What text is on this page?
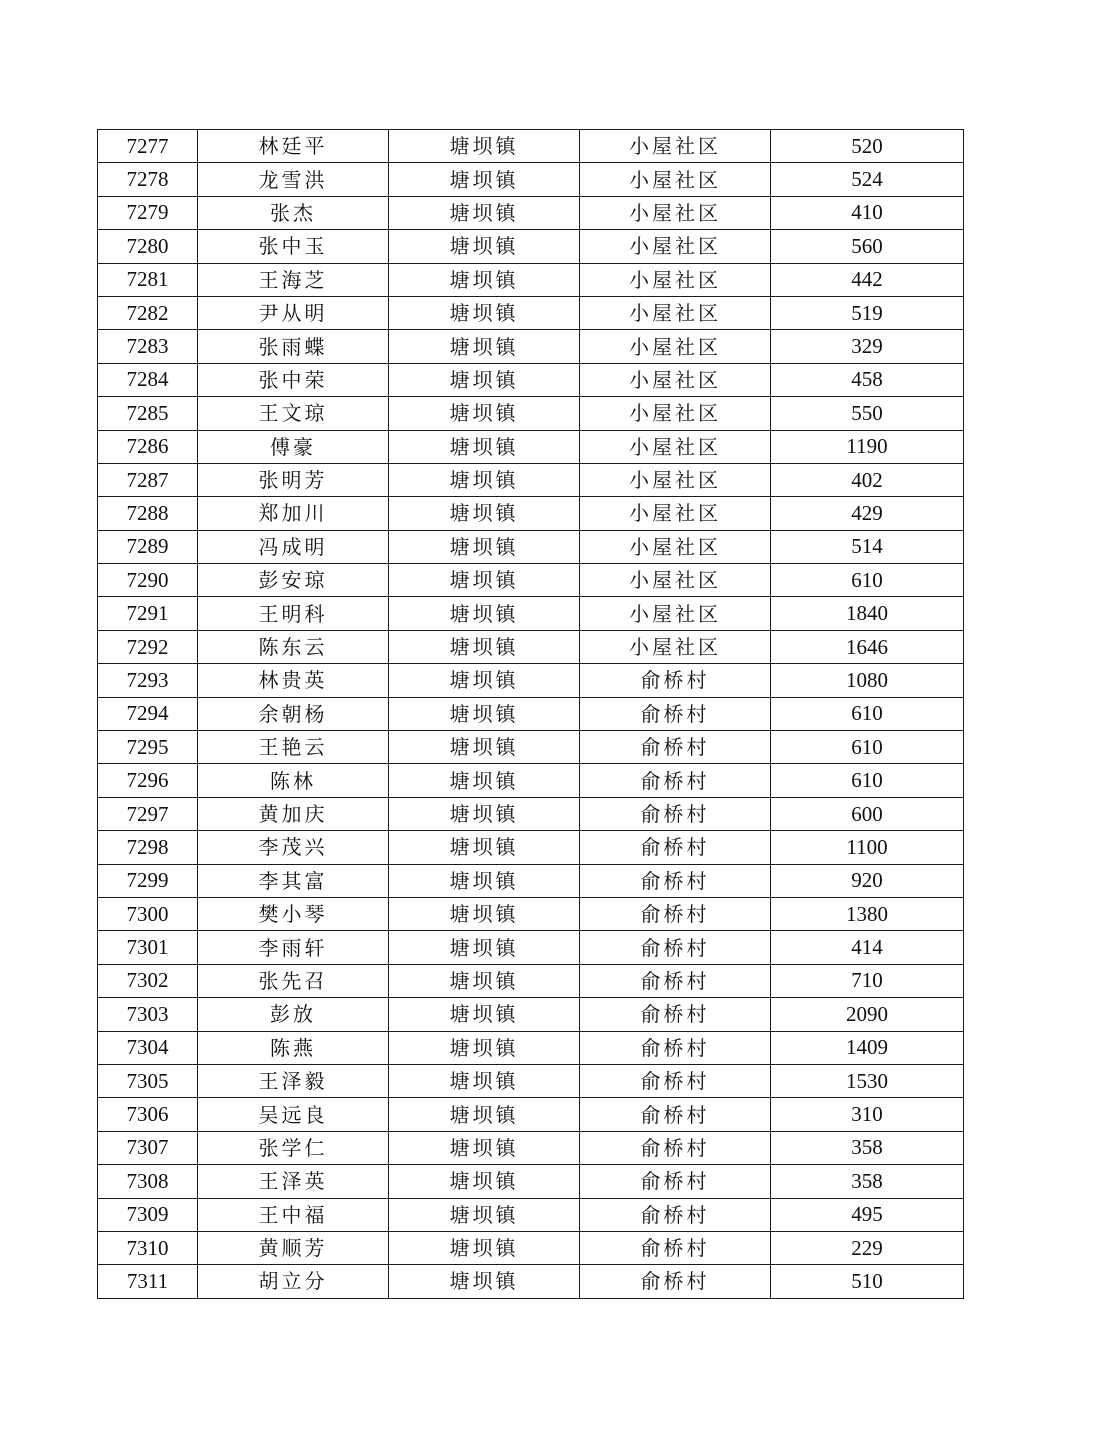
7277	林廷平	塘坝镇	小屋社区	520
7278	龙雪洪	塘坝镇	小屋社区	524
7279	张杰	塘坝镇	小屋社区	410
7280	张中玉	塘坝镇	小屋社区	560
7281	王海芝	塘坝镇	小屋社区	442
7282	尹从明	塘坝镇	小屋社区	519
7283	张雨蝶	塘坝镇	小屋社区	329
7284	张中荣	塘坝镇	小屋社区	458
7285	王文琼	塘坝镇	小屋社区	550
7286	傅豪	塘坝镇	小屋社区	1190
7287	张明芳	塘坝镇	小屋社区	402
7288	郑加川	塘坝镇	小屋社区	429
7289	冯成明	塘坝镇	小屋社区	514
7290	彭安琼	塘坝镇	小屋社区	610
7291	王明科	塘坝镇	小屋社区	1840
7292	陈东云	塘坝镇	小屋社区	1646
7293	林贵英	塘坝镇	俞桥村	1080
7294	余朝杨	塘坝镇	俞桥村	610
7295	王艳云	塘坝镇	俞桥村	610
7296	陈林	塘坝镇	俞桥村	610
7297	黄加庆	塘坝镇	俞桥村	600
7298	李茂兴	塘坝镇	俞桥村	1100
7299	李其富	塘坝镇	俞桥村	920
7300	樊小琴	塘坝镇	俞桥村	1380
7301	李雨轩	塘坝镇	俞桥村	414
7302	张先召	塘坝镇	俞桥村	710
7303	彭放	塘坝镇	俞桥村	2090
7304	陈燕	塘坝镇	俞桥村	1409
7305	王泽毅	塘坝镇	俞桥村	1530
7306	吴远良	塘坝镇	俞桥村	310
7307	张学仁	塘坝镇	俞桥村	358
7308	王泽英	塘坝镇	俞桥村	358
7309	王中福	塘坝镇	俞桥村	495
7310	黄顺芳	塘坝镇	俞桥村	229
7311	胡立分	塘坝镇	俞桥村	510
